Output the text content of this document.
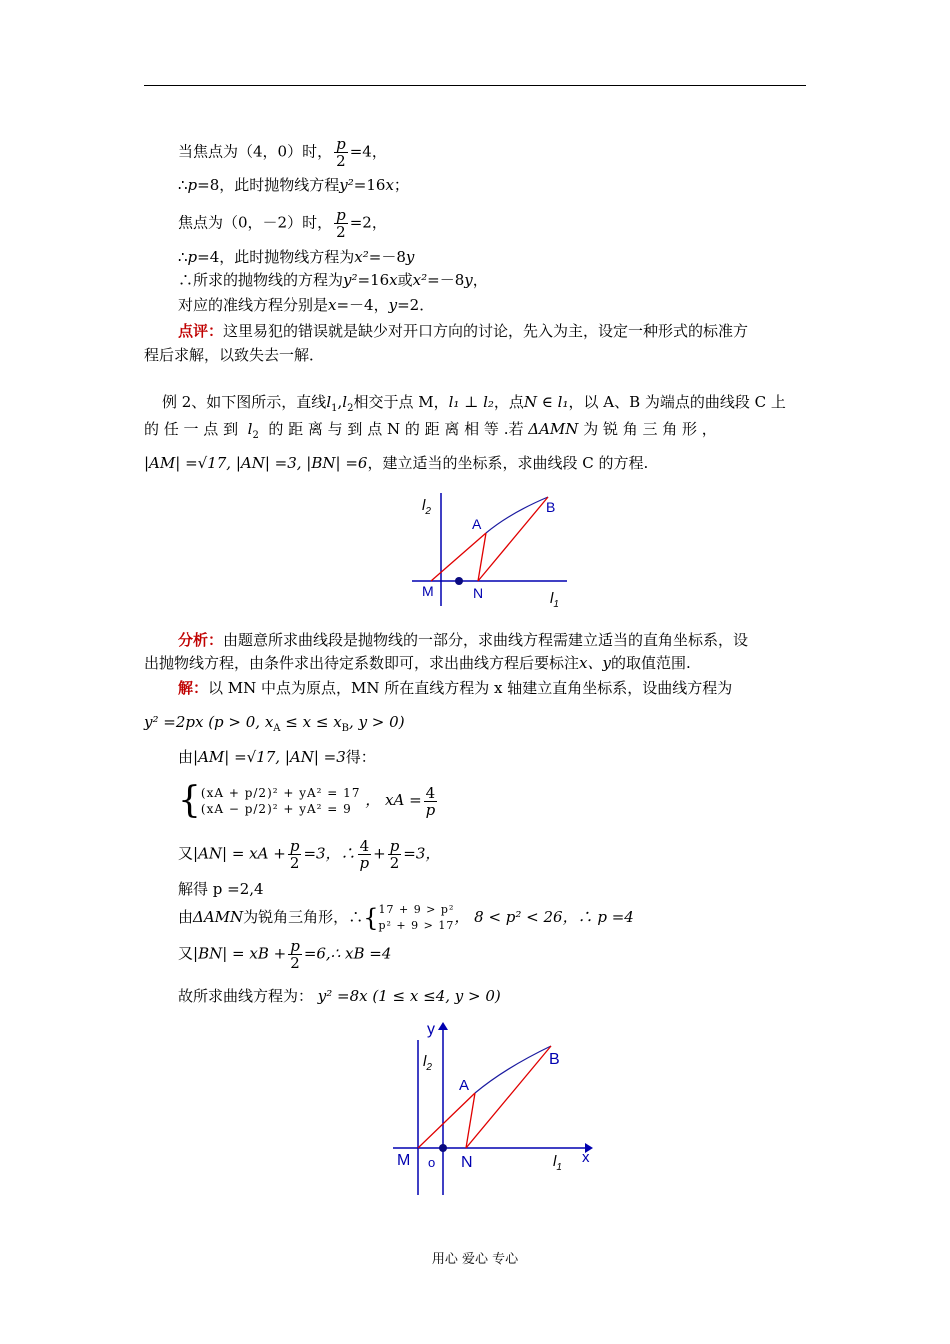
当焦点为（4，0）时， $\frac{p}{2} =4$，
∴p=8，此时抛物线方程y²=16x；
焦点为（0，－2）时， $\frac{p}{2} =2$，
∴p=4，此时抛物线方程为x²=－8y
∴所求的抛物线的方程为y²=16x或x²=－8y，
对应的准线方程分别是x=－4，y=2．
点评：这里易犯的错误就是缺少对开口方向的讨论，先入为主，设定一种形式的标准方
程后求解，以致失去一解．
例 2、如下图所示，直线$l_1,l_2$相交于点 M，l₁ ⊥ l₂，点N ∈ l₁，以 A、B 为端点的曲线段 C 上
的 任 一 点 到 $l_2$ 的 距 离 与 到 点 N 的 距 离 相 等 .若 ΔAMN 为 锐 角 三 角 形 ，
|AM| =√17, |AN| =3, |BN| =6，建立适当的坐标系，求曲线段 C 的方程.
$l_2$
A
B
M	N	$l_1$
分析：由题意所求曲线段是抛物线的一部分，求曲线方程需建立适当的直角坐标系，设
出抛物线方程，由条件求出待定系数即可，求出曲线方程后要标注x、y的取值范围.
解：以 MN 中点为原点，MN 所在直线方程为 x 轴建立直角坐标系，设曲线方程为
y² =2px (p > 0, $x_A \le x \le x_B$, y > 0)
由|AM| =√17, |AN| =3得：
{ (xA + p/2)² + yA² = 17
(xA − p/2)² + yA² = 9 ， xA = $\frac{4}{p}$
又|AN| = xA + $\frac{p}{2} =3$，∴ $\frac{4}{p} + \frac{p}{2} =3$，
解得 p =2,4
由ΔAMN为锐角三角形，∴{ 17 + 9 > p²
p² + 9 > 17 ， 8 < p² < 26，∴ p =4
又|BN| = xB + $\frac{p}{2}$ =6,∴ xB =4
故所求曲线方程为： y² =8x (1 ≤ x ≤4, y > 0)
y
$l_2$
A
B
M o N	$l_1$
x
用心 爱心 专心
